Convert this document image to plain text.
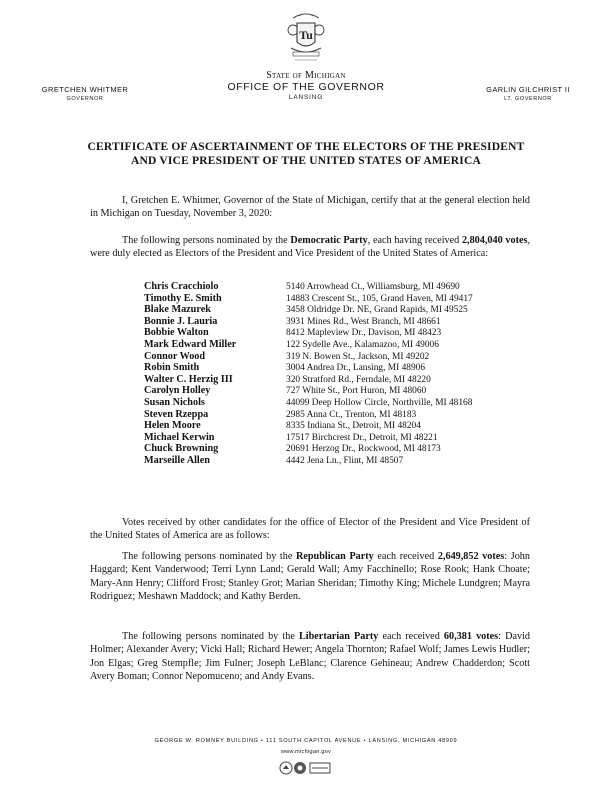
Tu
State of Michigan
OFFICE OF THE GOVERNOR
LANSING
GRETCHEN WHITMER
GOVERNOR
GARLIN GILCHRIST II
LT. GOVERNOR
CERTIFICATE OF ASCERTAINMENT OF THE ELECTORS OF THE PRESIDENT
AND VICE PRESIDENT OF THE UNITED STATES OF AMERICA
I, Gretchen E. Whitmer, Governor of the State of Michigan, certify that at the general election held in Michigan on Tuesday, November 3, 2020:
The following persons nominated by the Democratic Party, each having received 2,804,040 votes, were duly elected as Electors of the President and Vice President of the United States of America:
Chris Cracchiolo	5140 Arrowhead Ct., Williamsburg, MI 49690
Timothy E. Smith	14883 Crescent St., 105, Grand Haven, MI 49417
Blake Mazurek	3458 Oldridge Dr. NE, Grand Rapids, MI 49525
Bonnie J. Lauria	3931 Mines Rd., West Branch, MI 48661
Bobbie Walton	8412 Mapleview Dr., Davison, MI 48423
Mark Edward Miller	122 Sydelle Ave., Kalamazoo, MI 49006
Connor Wood	319 N. Bowen St., Jackson, MI 49202
Robin Smith	3004 Andrea Dr., Lansing, MI 48906
Walter C. Herzig III	320 Stratford Rd., Ferndale, MI 48220
Carolyn Holley	727 White St., Port Huron, MI 48060
Susan Nichols	44099 Deep Hollow Circle, Northville, MI 48168
Steven Rzeppa	2985 Anna Ct., Trenton, MI 48183
Helen Moore	8335 Indiana St., Detroit, MI 48204
Michael Kerwin	17517 Birchcrest Dr., Detroit, MI 48221
Chuck Browning	20691 Herzog Dr., Rockwood, MI 48173
Marseille Allen	4442 Jena Ln., Flint, MI 48507
Votes received by other candidates for the office of Elector of the President and Vice President of the United States of America are as follows:
The following persons nominated by the Republican Party each received 2,649,852 votes: John Haggard; Kent Vanderwood; Terri Lynn Land; Gerald Wall; Amy Facchinello; Rose Rook; Hank Choate; Mary-Ann Henry; Clifford Frost; Stanley Grot; Marian Sheridan; Timothy King; Michele Lundgren; Mayra Rodriguez; Meshawn Maddock; and Kathy Berden.
The following persons nominated by the Libertarian Party each received 60,381 votes: David Holmer; Alexander Avery; Vicki Hall; Richard Hewer; Angela Thornton; Rafael Wolf; James Lewis Hudler; Jon Elgas; Greg Stempfle; Jim Fulner; Joseph LeBlanc; Clarence Gehineau; Andrew Chadderdon; Scott Avery Boman; Connor Nepomuceno; and Andy Evans.
GEORGE W. ROMNEY BUILDING • 111 SOUTH CAPITOL AVENUE • LANSING, MICHIGAN 48909
www.michigan.gov
